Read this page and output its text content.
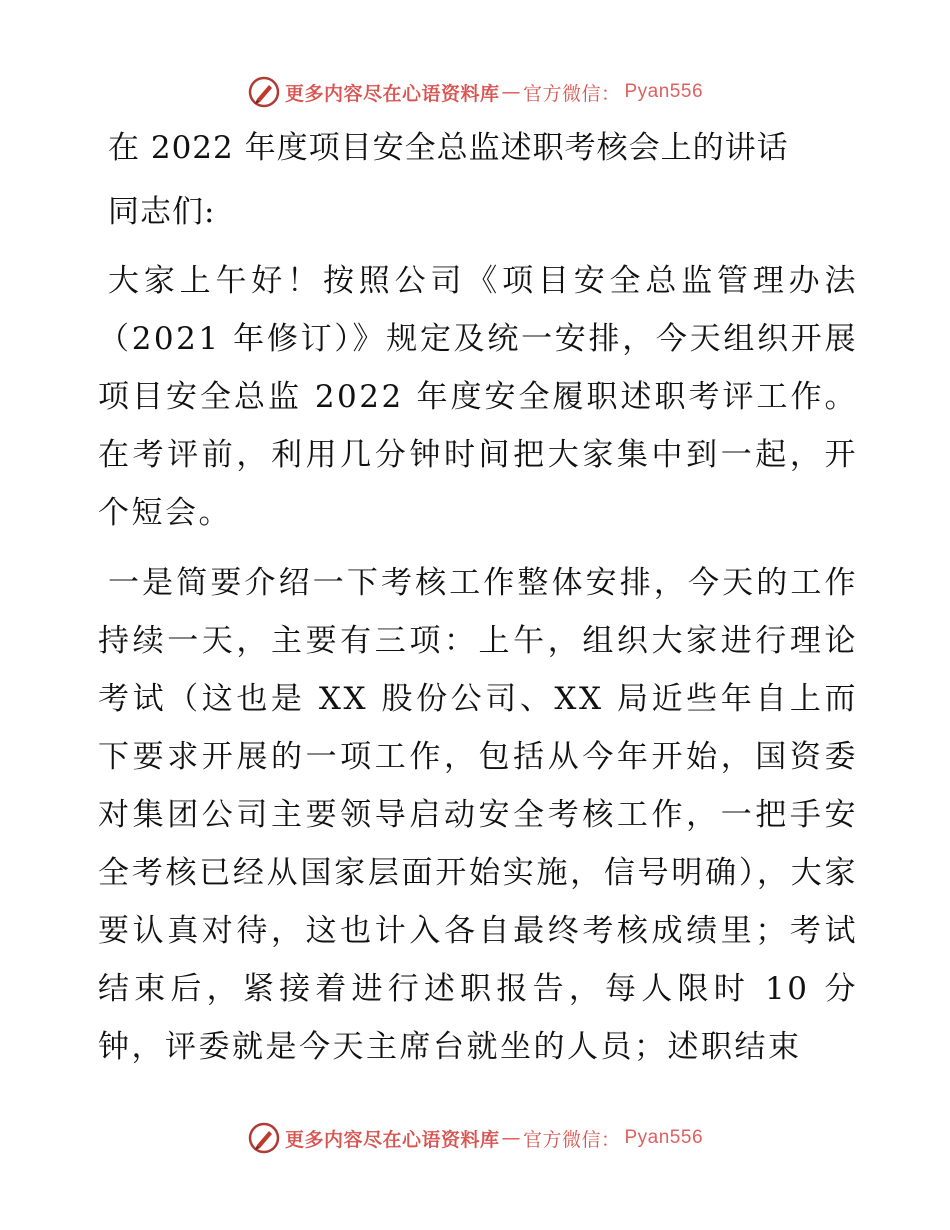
更多内容尽在心语资料库 — 官方微信： Pyan556
在 2022 年度项目安全总监述职考核会上的讲话

同志们:

大家上午好！按照公司《项目安全总监管理办法（2021 年修订）》规定及统一安排，今天组织开展项目安全总监 2022 年度安全履职述职考评工作。在考评前，利用几分钟时间把大家集中到一起，开个短会。

一是简要介绍一下考核工作整体安排，今天的工作持续一天，主要有三项：上午，组织大家进行理论考试（这也是 XX 股份公司、XX 局近些年自上而下要求开展的一项工作，包括从今年开始，国资委对集团公司主要领导启动安全考核工作，一把手安全考核已经从国家层面开始实施，信号明确），大家要认真对待，这也计入各自最终考核成绩里；考试结束后，紧接着进行述职报告，每人限时 10 分钟，评委就是今天主席台就坐的人员；述职结束

更多内容尽在心语资料库 — 官方微信： Pyan556
